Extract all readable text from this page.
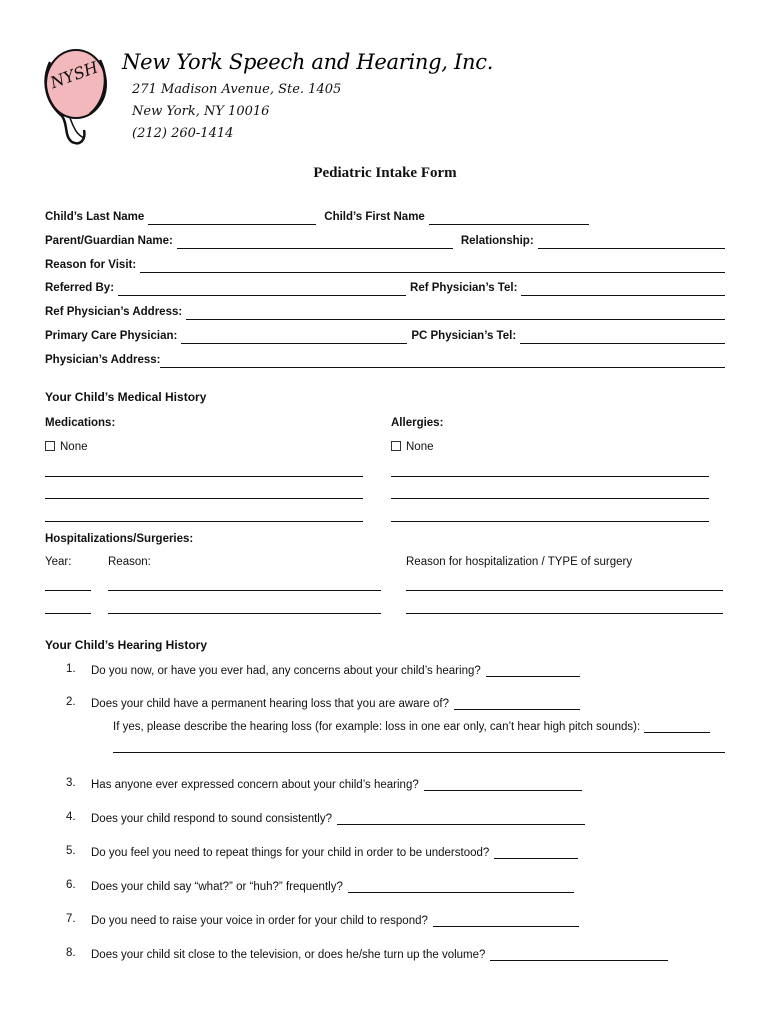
NYSH New York Speech and Hearing, Inc.
271 Madison Avenue, Ste. 1405
New York, NY 10016
(212) 260-1414
Pediatric Intake Form
Child’s Last Name	Child’s First Name
Parent/Guardian Name:	Relationship:
Reason for Visit:
Referred By:	Ref Physician’s Tel:
Ref Physician’s Address:
Primary Care Physician:	PC Physician’s Tel:
Physician’s Address:
Your Child’s Medical History
Medications:	Allergies:
None	None
Hospitalizations/Surgeries:
Year:	Reason:	Reason for hospitalization / TYPE of surgery
Your Child’s Hearing History
1. Do you now, or have you ever had, any concerns about your child’s hearing?
2. Does your child have a permanent hearing loss that you are aware of?
If yes, please describe the hearing loss (for example: loss in one ear only, can’t hear high pitch sounds):
3. Has anyone ever expressed concern about your child’s hearing?
4. Does your child respond to sound consistently?
5. Do you feel you need to repeat things for your child in order to be understood?
6. Does your child say “what?” or “huh?” frequently?
7. Do you need to raise your voice in order for your child to respond?
8. Does your child sit close to the television, or does he/she turn up the volume?
